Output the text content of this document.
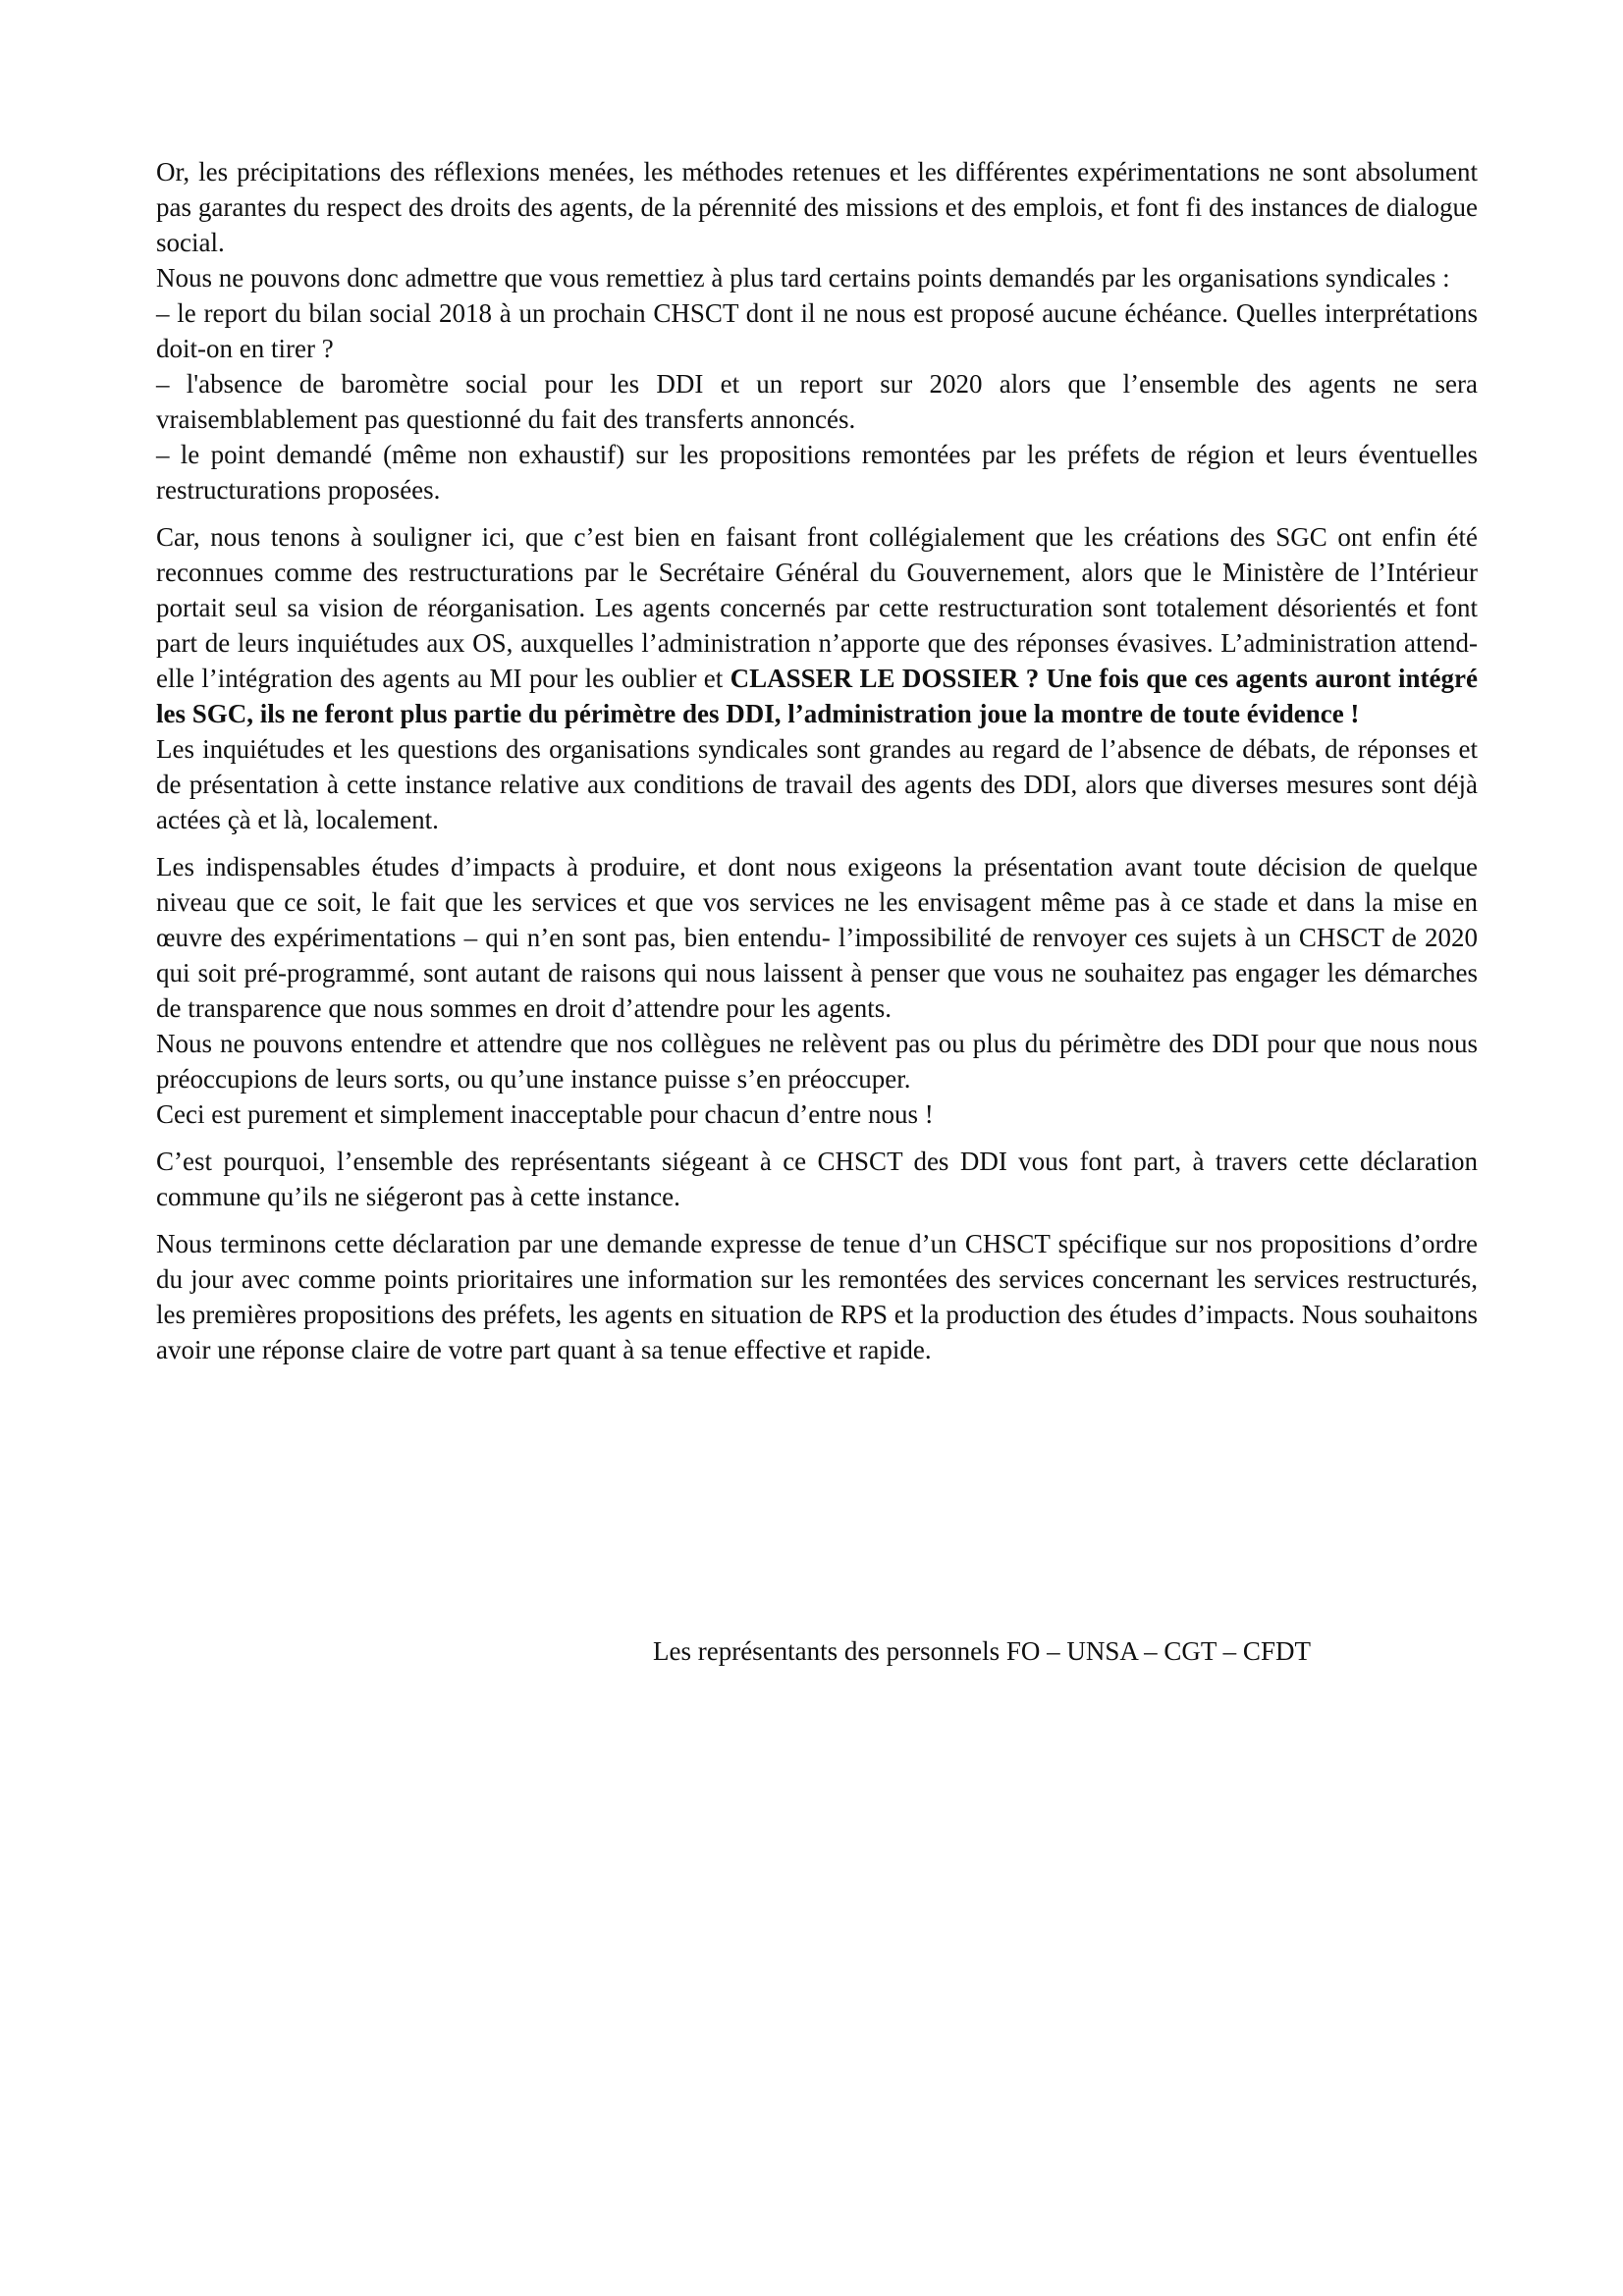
Or, les précipitations des réflexions menées, les méthodes retenues et les différentes expérimentations ne sont absolument pas garantes du respect des droits des agents, de la pérennité des missions et des emplois, et font fi des instances de dialogue social.

Nous ne pouvons donc admettre que vous remettiez à plus tard certains points demandés par les organisations syndicales :

– le report du bilan social 2018 à un prochain CHSCT dont il ne nous est proposé aucune échéance. Quelles interprétations doit-on en tirer ?

– l'absence de baromètre social pour les DDI et un report sur 2020 alors que l’ensemble des agents ne sera vraisemblablement pas questionné du fait des transferts annoncés.

– le point demandé (même non exhaustif) sur les propositions remontées par les préfets de région et leurs éventuelles restructurations proposées.

Car, nous tenons à souligner ici, que c’est bien en faisant front collégialement que les créations des SGC ont enfin été reconnues comme des restructurations par le Secrétaire Général du Gouvernement, alors que le Ministère de l’Intérieur portait seul sa vision de réorganisation. Les agents concernés par cette restructuration sont totalement désorientés et font part de leurs inquiétudes aux OS, auxquelles l’administration n’apporte que des réponses évasives. L’administration attend-elle l’intégration des agents au MI pour les oublier et CLASSER LE DOSSIER ? Une fois que ces agents auront intégré les SGC, ils ne feront plus partie du périmètre des DDI, l’administration joue la montre de toute évidence !

Les inquiétudes et les questions des organisations syndicales sont grandes au regard de l’absence de débats, de réponses et de présentation à cette instance relative aux conditions de travail des agents des DDI, alors que diverses mesures sont déjà actées çà et là, localement.

Les indispensables études d’impacts à produire, et dont nous exigeons la présentation avant toute décision de quelque niveau que ce soit, le fait que les services et que vos services ne les envisagent même pas à ce stade et dans la mise en œuvre des expérimentations – qui n’en sont pas, bien entendu- l’impossibilité de renvoyer ces sujets à un CHSCT de 2020 qui soit pré-programmé, sont autant de raisons qui nous laissent à penser que vous ne souhaitez pas engager les démarches de transparence que nous sommes en droit d’attendre pour les agents.

Nous ne pouvons entendre et attendre que nos collègues ne relèvent pas ou plus du périmètre des DDI pour que nous nous préoccupions de leurs sorts, ou qu’une instance puisse s’en préoccuper.

Ceci est purement et simplement inacceptable pour chacun d’entre nous !

C’est pourquoi, l’ensemble des représentants siégeant à ce CHSCT des DDI vous font part, à travers cette déclaration commune qu’ils ne siégeront pas à cette instance.

Nous terminons cette déclaration par une demande expresse de tenue d’un CHSCT spécifique sur nos propositions d’ordre du jour avec comme points prioritaires une information sur les remontées des services concernant les services restructurés, les premières propositions des préfets, les agents en situation de RPS et la production des études d’impacts. Nous souhaitons avoir une réponse claire de votre part quant à sa tenue effective et rapide.

Les représentants des personnels FO – UNSA – CGT – CFDT
